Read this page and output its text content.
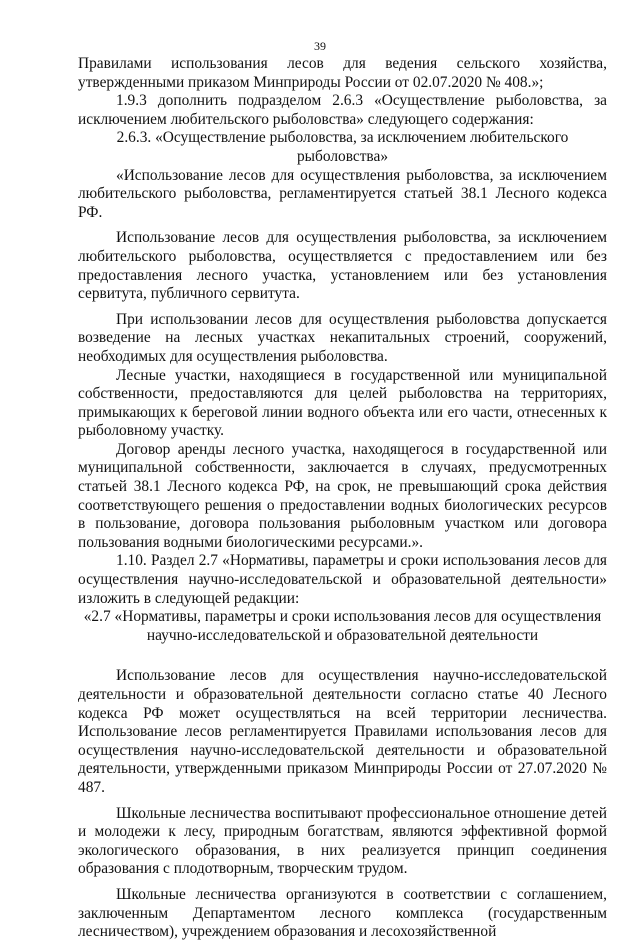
39

Правилами использования лесов для ведения сельского хозяйства, утвержденными приказом Минприроды России от 02.07.2020 № 408.»;

1.9.3 дополнить подразделом 2.6.3 «Осуществление рыболовства, за исключением любительского рыболовства» следующего содержания:

2.6.3. «Осуществление рыболовства, за исключением любительского рыболовства»

«Использование лесов для осуществления рыболовства, за исключением любительского рыболовства, регламентируется статьей 38.1 Лесного кодекса РФ.

Использование лесов для осуществления рыболовства, за исключением любительского рыболовства, осуществляется с предоставлением или без предоставления лесного участка, установлением или без установления сервитута, публичного сервитута.

При использовании лесов для осуществления рыболовства допускается возведение на лесных участках некапитальных строений, сооружений, необходимых для осуществления рыболовства.

Лесные участки, находящиеся в государственной или муниципальной собственности, предоставляются для целей рыболовства на территориях, примыкающих к береговой линии водного объекта или его части, отнесенных к рыболовному участку.

Договор аренды лесного участка, находящегося в государственной или муниципальной собственности, заключается в случаях, предусмотренных статьей 38.1 Лесного кодекса РФ, на срок, не превышающий срока действия соответствующего решения о предоставлении водных биологических ресурсов в пользование, договора пользования рыболовным участком или договора пользования водными биологическими ресурсами.».

1.10. Раздел 2.7 «Нормативы, параметры и сроки использования лесов для осуществления научно-исследовательской и образовательной деятельности» изложить в следующей редакции:

«2.7 «Нормативы, параметры и сроки использования лесов для осуществления научно-исследовательской и образовательной деятельности

Использование лесов для осуществления научно-исследовательской деятельности и образовательной деятельности согласно статье 40 Лесного кодекса РФ может осуществляться на всей территории лесничества. Использование лесов регламентируется Правилами использования лесов для осуществления научно-исследовательской деятельности и образовательной деятельности, утвержденными приказом Минприроды России от 27.07.2020 № 487.

Школьные лесничества воспитывают профессиональное отношение детей и молодежи к лесу, природным богатствам, являются эффективной формой экологического образования, в них реализуется принцип соединения образования с плодотворным, творческим трудом.

Школьные лесничества организуются в соответствии с соглашением, заключенным Департаментом лесного комплекса (государственным лесничеством), учреждением образования и лесохозяйственной
